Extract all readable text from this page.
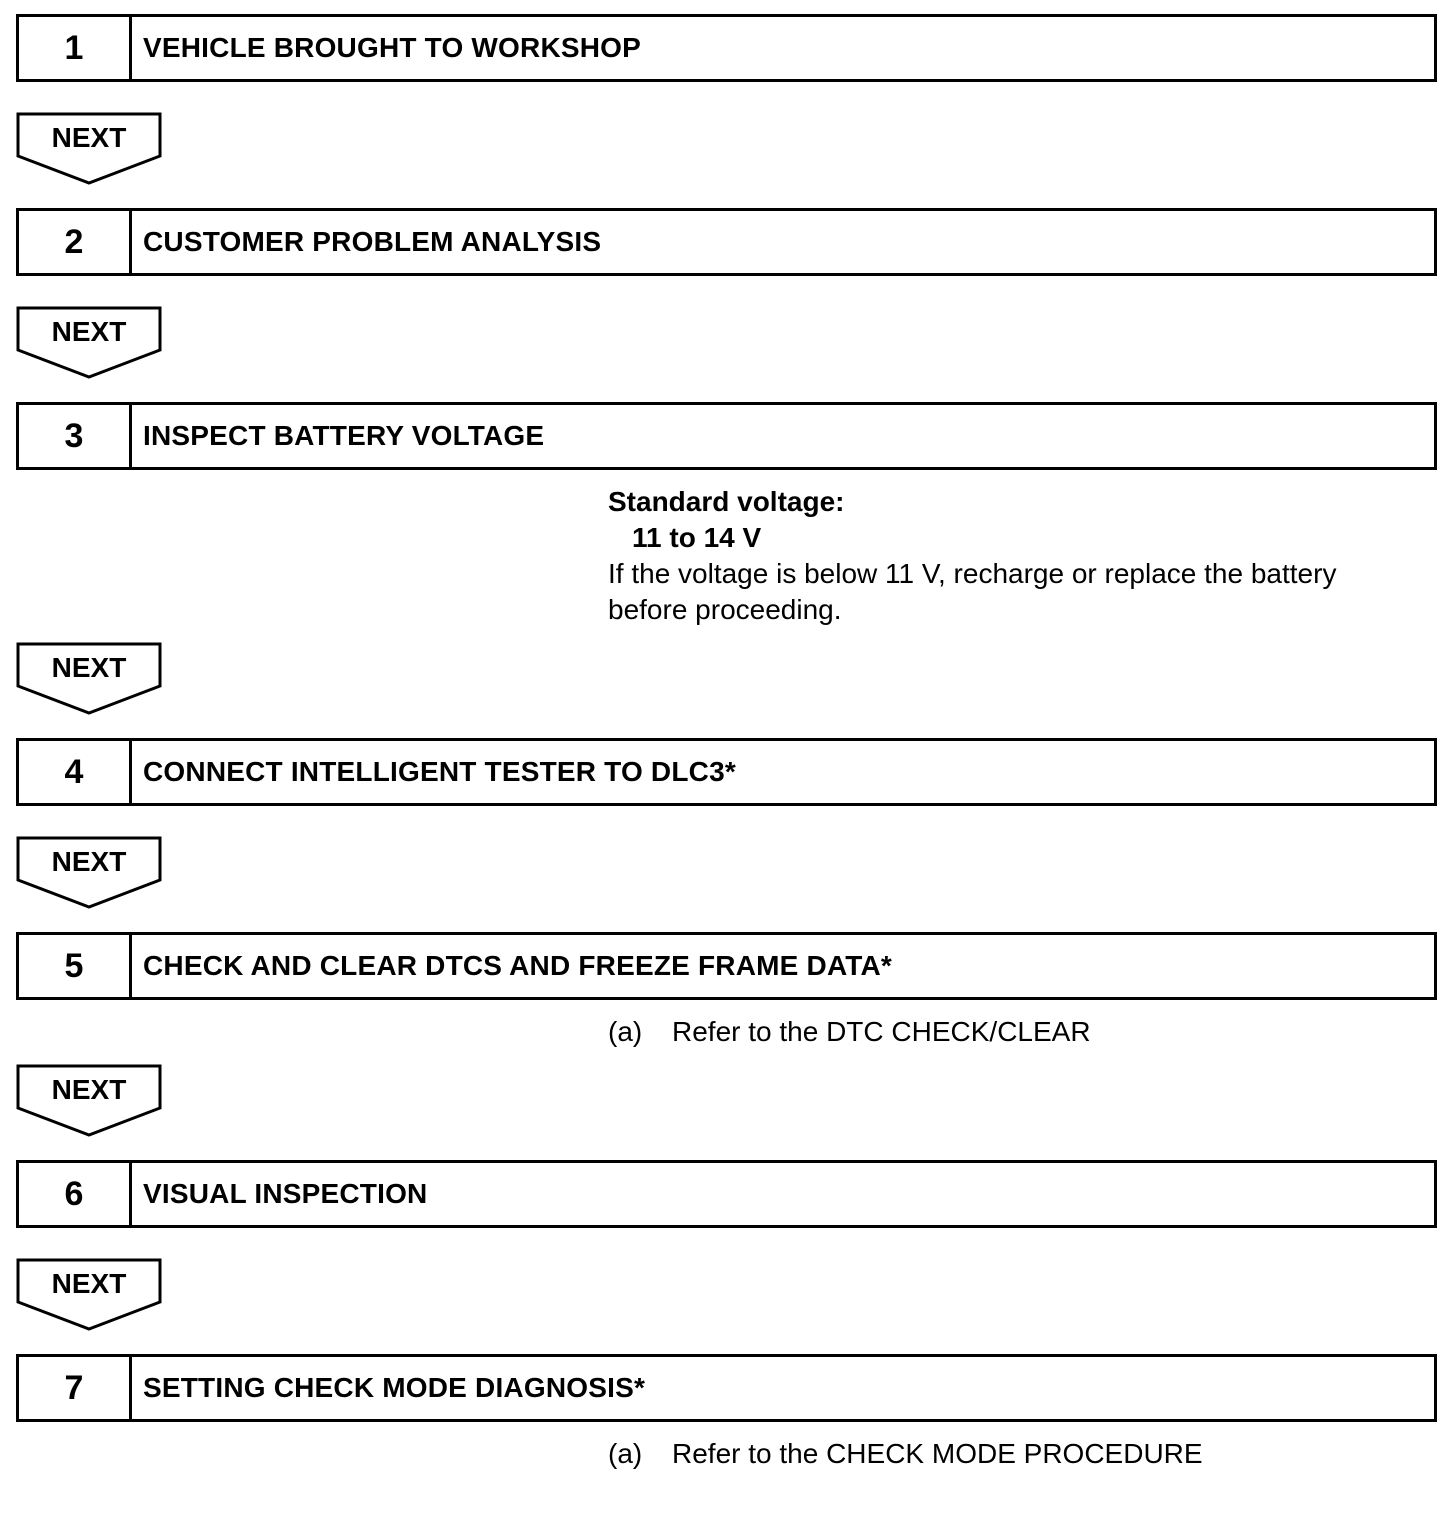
1	VEHICLE BROUGHT TO WORKSHOP
NEXT
2	CUSTOMER PROBLEM ANALYSIS
NEXT
3	INSPECT BATTERY VOLTAGE
Standard voltage:
11 to 14 V
If the voltage is below 11 V, recharge or replace the battery
before proceeding.
NEXT
4	CONNECT INTELLIGENT TESTER TO DLC3*
NEXT
5	CHECK AND CLEAR DTCS AND FREEZE FRAME DATA*
(a) Refer to the DTC CHECK/CLEAR
NEXT
6	VISUAL INSPECTION
NEXT
7	SETTING CHECK MODE DIAGNOSIS*
(a) Refer to the CHECK MODE PROCEDURE
